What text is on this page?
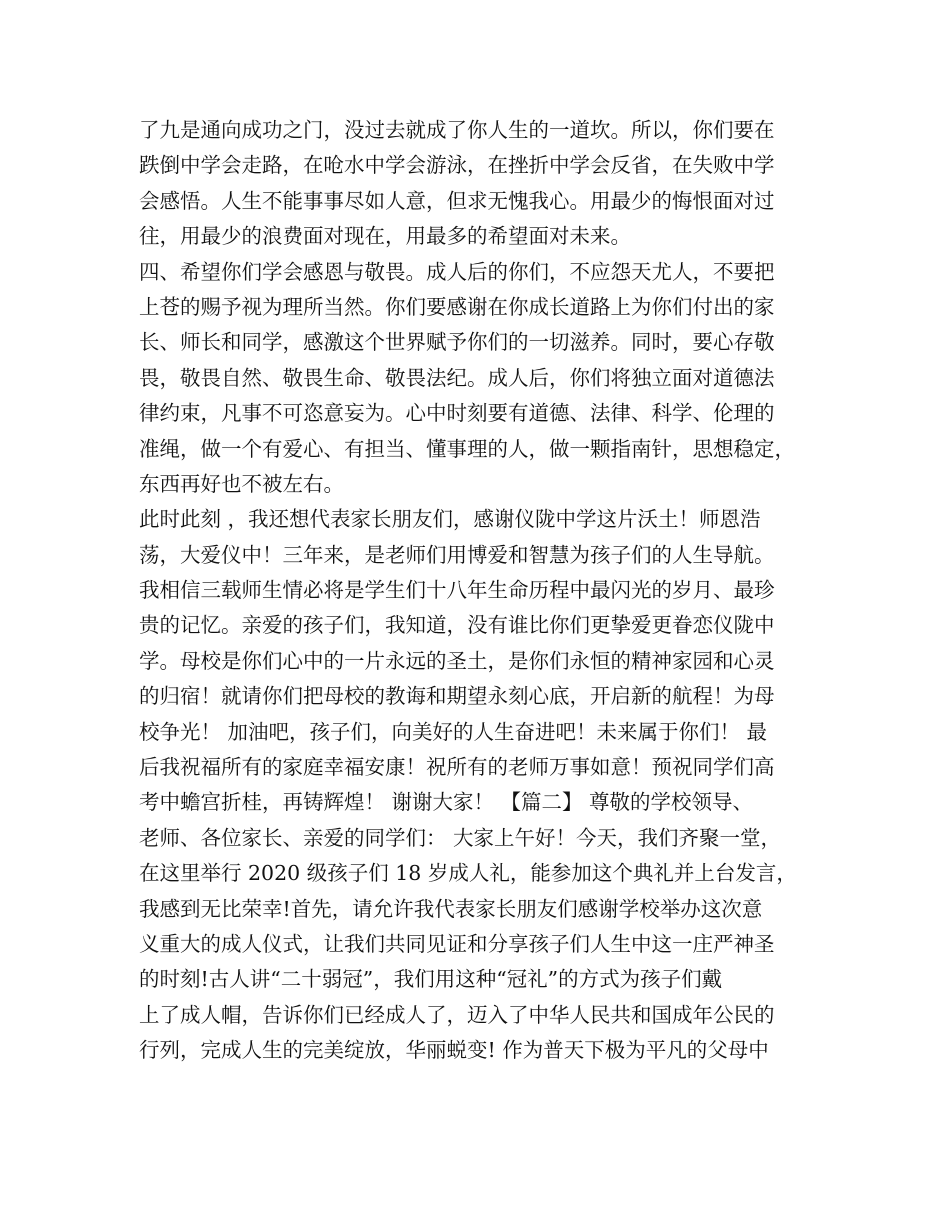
了九是通向成功之门，没过去就成了你人生的一道坎。所以，你们要在
跌倒中学会走路，在呛水中学会游泳，在挫折中学会反省，在失败中学
会感悟。人生不能事事尽如人意，但求无愧我心。用最少的悔恨面对过
往，用最少的浪费面对现在，用最多的希望面对未来。
四、希望你们学会感恩与敬畏。成人后的你们，不应怨天尤人，不要把
上苍的赐予视为理所当然。你们要感谢在你成长道路上为你们付出的家
长、师长和同学，感激这个世界赋予你们的一切滋养。同时，要心存敬
畏，敬畏自然、敬畏生命、敬畏法纪。成人后，你们将独立面对道德法
律约束，凡事不可恣意妄为。心中时刻要有道德、法律、科学、伦理的
准绳，做一个有爱心、有担当、懂事理的人，做一颗指南针，思想稳定，
东西再好也不被左右。
此时此刻 ，我还想代表家长朋友们，感谢仪陇中学这片沃土！师恩浩
荡，大爱仪中！三年来，是老师们用博爱和智慧为孩子们的人生导航。
我相信三载师生情必将是学生们十八年生命历程中最闪光的岁月、最珍
贵的记忆。亲爱的孩子们，我知道，没有谁比你们更挚爱更眷恋仪陇中
学。母校是你们心中的一片永远的圣土，是你们永恒的精神家园和心灵
的归宿！就请你们把母校的教诲和期望永刻心底，开启新的航程！为母
校争光！ 加油吧，孩子们，向美好的人生奋进吧！未来属于你们！ 最
后我祝福所有的家庭幸福安康！祝所有的老师万事如意！预祝同学们高
考中蟾宫折桂，再铸辉煌！ 谢谢大家！ 【篇二】 尊敬的学校领导、
老师、各位家长、亲爱的同学们： 大家上午好！今天，我们齐聚一堂，
在这里举行 2020 级孩子们 18 岁成人礼，能参加这个典礼并上台发言，
我感到无比荣幸!首先，请允许我代表家长朋友们感谢学校举办这次意
义重大的成人仪式，让我们共同见证和分享孩子们人生中这一庄严神圣
的时刻!古人讲“二十弱冠”，我们用这种“冠礼”的方式为孩子们戴
上了成人帽，告诉你们已经成人了，迈入了中华人民共和国成年公民的
行列，完成人生的完美绽放，华丽蜕变! 作为普天下极为平凡的父母中
